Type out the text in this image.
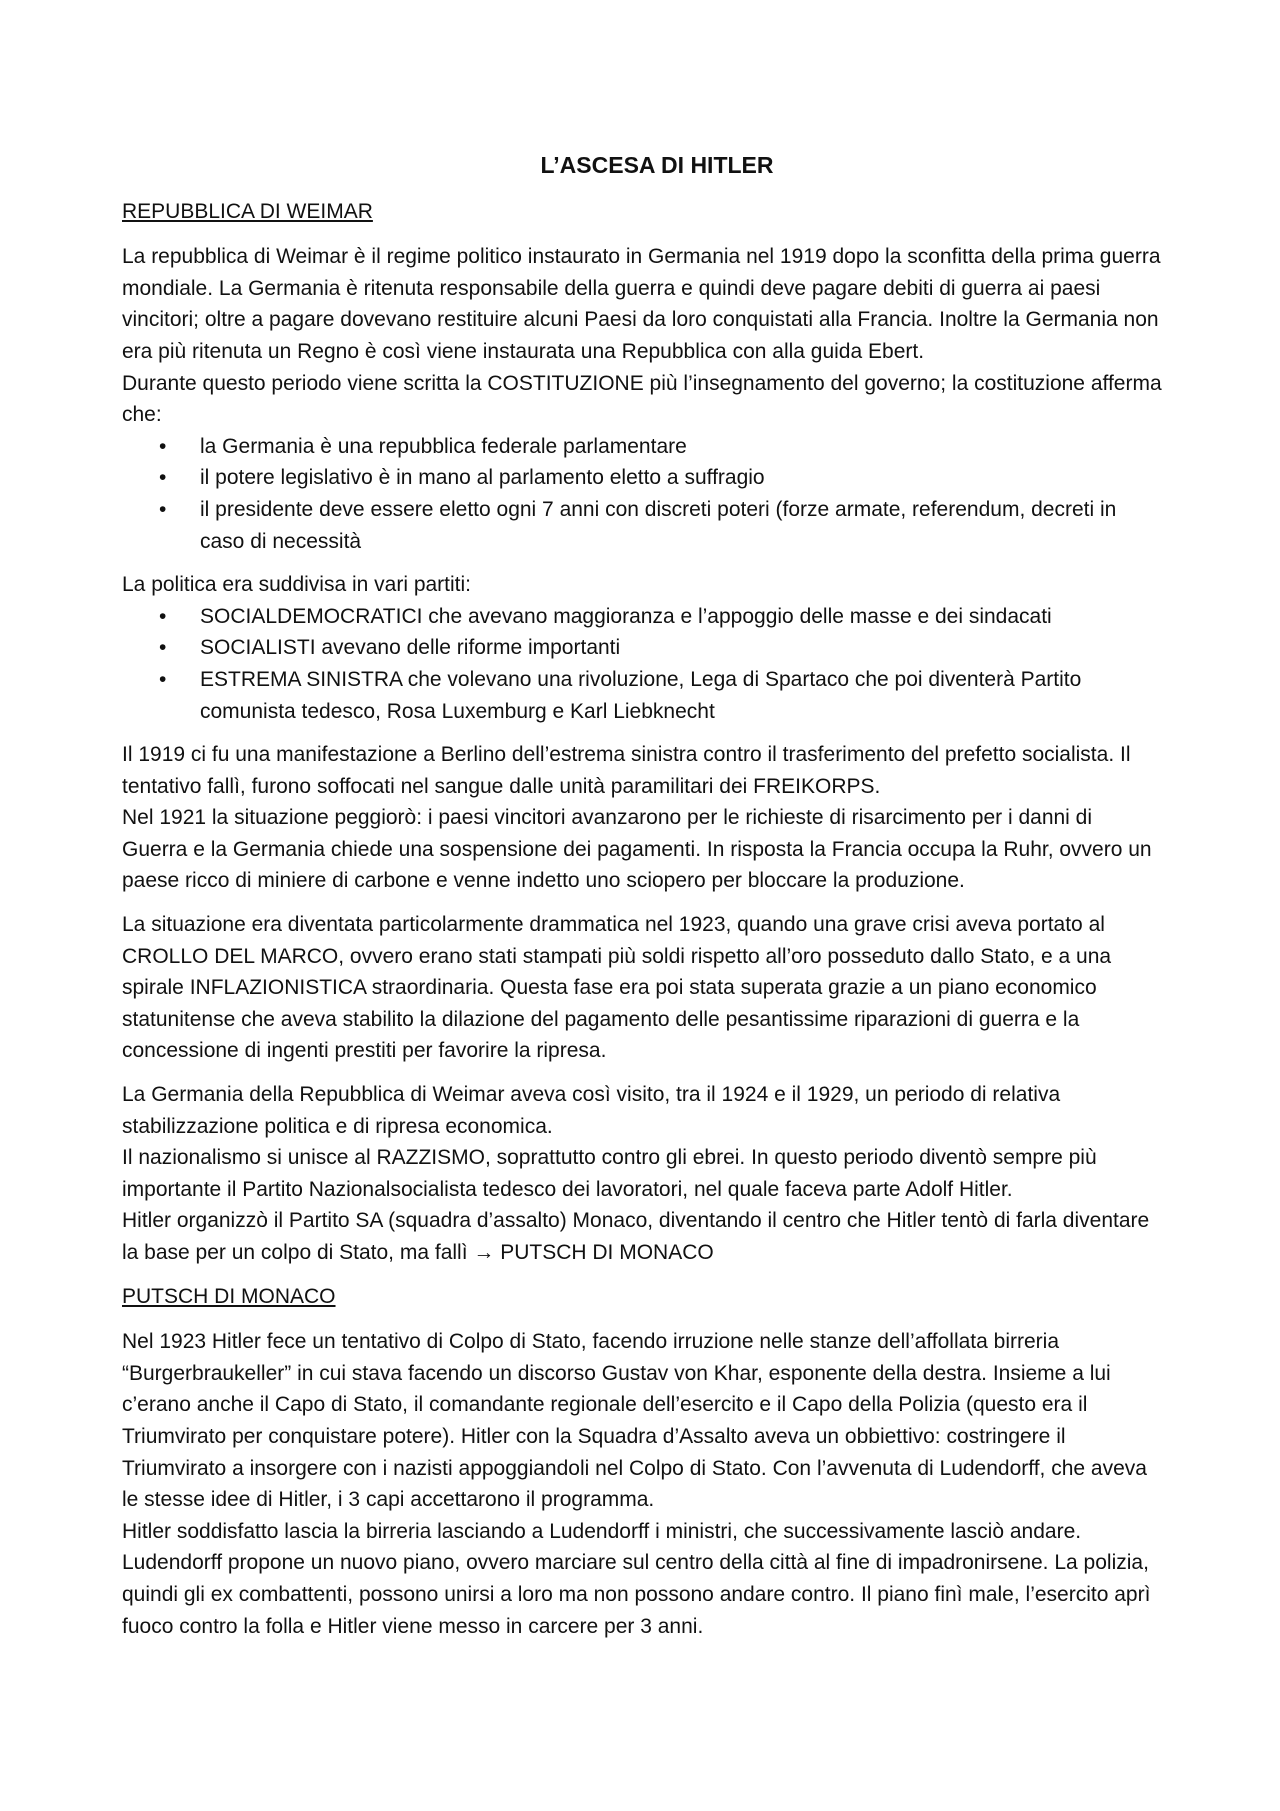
L’ASCESA DI HITLER
REPUBBLICA DI WEIMAR

La repubblica di Weimar è il regime politico instaurato in Germania nel 1919 dopo la sconfitta della prima guerra mondiale. La Germania è ritenuta responsabile della guerra e quindi deve pagare debiti di guerra ai paesi vincitori; oltre a pagare dovevano restituire alcuni Paesi da loro conquistati alla Francia. Inoltre la Germania non era più ritenuta un Regno è così viene instaurata una Repubblica con alla guida Ebert.

Durante questo periodo viene scritta la COSTITUZIONE più l’insegnamento del governo; la costituzione afferma che:

• la Germania è una repubblica federale parlamentare
• il potere legislativo è in mano al parlamento eletto a suffragio
• il presidente deve essere eletto ogni 7 anni con discreti poteri (forze armate, referendum, decreti in caso di necessità

La politica era suddivisa in vari partiti:

• SOCIALDEMOCRATICI che avevano maggioranza e l’appoggio delle masse e dei sindacati
• SOCIALISTI avevano delle riforme importanti
• ESTREMA SINISTRA che volevano una rivoluzione, Lega di Spartaco che poi diventerà Partito comunista tedesco, Rosa Luxemburg e Karl Liebknecht

Il 1919 ci fu una manifestazione a Berlino dell’estrema sinistra contro il trasferimento del prefetto socialista. Il tentativo fallì, furono soffocati nel sangue dalle unità paramilitari dei FREIKORPS.

Nel 1921 la situazione peggiorò: i paesi vincitori avanzarono per le richieste di risarcimento per i danni di Guerra e la Germania chiede una sospensione dei pagamenti. In risposta la Francia occupa la Ruhr, ovvero un paese ricco di miniere di carbone e venne indetto uno sciopero per bloccare la produzione.

La situazione era diventata particolarmente drammatica nel 1923, quando una grave crisi aveva portato al CROLLO DEL MARCO, ovvero erano stati stampati più soldi rispetto all’oro posseduto dallo Stato, e a una spirale INFLAZIONISTICA straordinaria. Questa fase era poi stata superata grazie a un piano economico statunitense che aveva stabilito la dilazione del pagamento delle pesantissime riparazioni di guerra e la concessione di ingenti prestiti per favorire la ripresa.

La Germania della Repubblica di Weimar aveva così visito, tra il 1924 e il 1929, un periodo di relativa stabilizzazione politica e di ripresa economica.

Il nazionalismo si unisce al RAZZISMO, soprattutto contro gli ebrei. In questo periodo diventò sempre più importante il Partito Nazionalsocialista tedesco dei lavoratori, nel quale faceva parte Adolf Hitler.

Hitler organizzò il Partito SA (squadra d’assalto) Monaco, diventando il centro che Hitler tentò di farla diventare la base per un colpo di Stato, ma fallì → PUTSCH DI MONACO

PUTSCH DI MONACO

Nel 1923 Hitler fece un tentativo di Colpo di Stato, facendo irruzione nelle stanze dell’affollata birreria “Burgerbraukeller” in cui stava facendo un discorso Gustav von Khar, esponente della destra. Insieme a lui c’erano anche il Capo di Stato, il comandante regionale dell’esercito e il Capo della Polizia (questo era il Triumvirato per conquistare potere). Hitler con la Squadra d’Assalto aveva un obbiettivo: costringere il Triumvirato a insorgere con i nazisti appoggiandoli nel Colpo di Stato. Con l’avvenuta di Ludendorff, che aveva le stesse idee di Hitler, i 3 capi accettarono il programma.

Hitler soddisfatto lascia la birreria lasciando a Ludendorff i ministri, che successivamente lasciò andare. Ludendorff propone un nuovo piano, ovvero marciare sul centro della città al fine di impadronirsene. La polizia, quindi gli ex combattenti, possono unirsi a loro ma non possono andare contro. Il piano finì male, l’esercito aprì fuoco contro la folla e Hitler viene messo in carcere per 3 anni.
